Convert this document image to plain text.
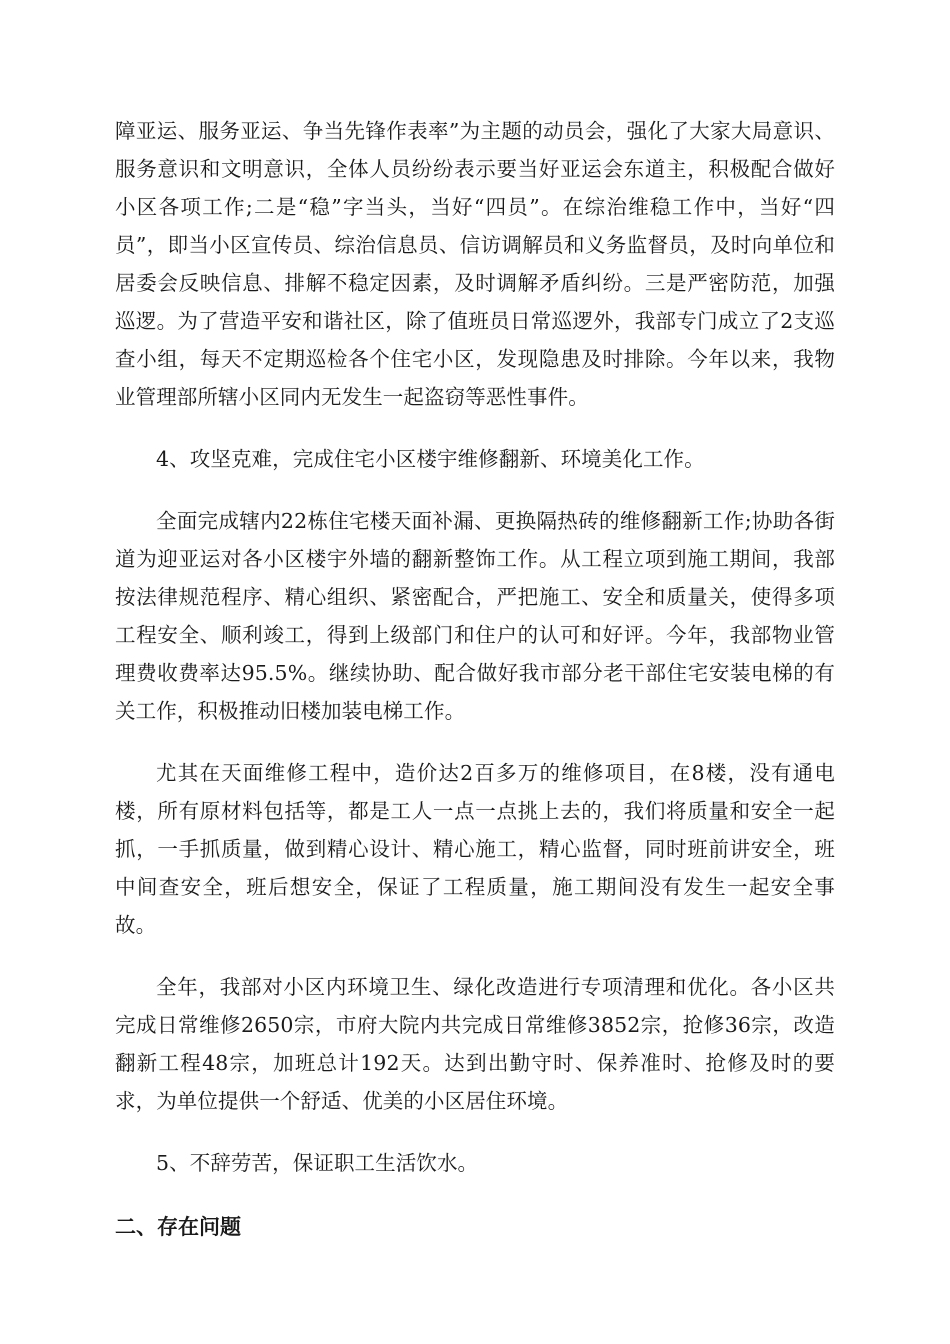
障亚运、服务亚运、争当先锋作表率”为主题的动员会，强化了大家大局意识、服务意识和文明意识，全体人员纷纷表示要当好亚运会东道主，积极配合做好小区各项工作;二是“稳”字当头，当好“四员”。在综治维稳工作中，当好“四员”，即当小区宣传员、综治信息员、信访调解员和义务监督员，及时向单位和居委会反映信息、排解不稳定因素，及时调解矛盾纠纷。三是严密防范，加强巡逻。为了营造平安和谐社区，除了值班员日常巡逻外，我部专门成立了2支巡查小组，每天不定期巡检各个住宅小区，发现隐患及时排除。今年以来，我物业管理部所辖小区同内无发生一起盗窃等恶性事件。

4、攻坚克难，完成住宅小区楼宇维修翻新、环境美化工作。

全面完成辖内22栋住宅楼天面补漏、更换隔热砖的维修翻新工作;协助各街道为迎亚运对各小区楼宇外墙的翻新整饰工作。从工程立项到施工期间，我部按法律规范程序、精心组织、紧密配合，严把施工、安全和质量关，使得多项工程安全、顺利竣工，得到上级部门和住户的认可和好评。今年，我部物业管理费收费率达95.5%。继续协助、配合做好我市部分老干部住宅安装电梯的有关工作，积极推动旧楼加装电梯工作。

尤其在天面维修工程中，造价达2百多万的维修项目，在8楼，没有通电楼，所有原材料包括等，都是工人一点一点挑上去的，我们将质量和安全一起抓，一手抓质量，做到精心设计、精心施工，精心监督，同时班前讲安全，班中间查安全，班后想安全，保证了工程质量，施工期间没有发生一起安全事故。

全年，我部对小区内环境卫生、绿化改造进行专项清理和优化。各小区共完成日常维修2650宗，市府大院内共完成日常维修3852宗，抢修36宗，改造翻新工程48宗，加班总计192天。达到出勤守时、保养准时、抢修及时的要求，为单位提供一个舒适、优美的小区居住环境。

5、不辞劳苦，保证职工生活饮水。

二、存在问题
